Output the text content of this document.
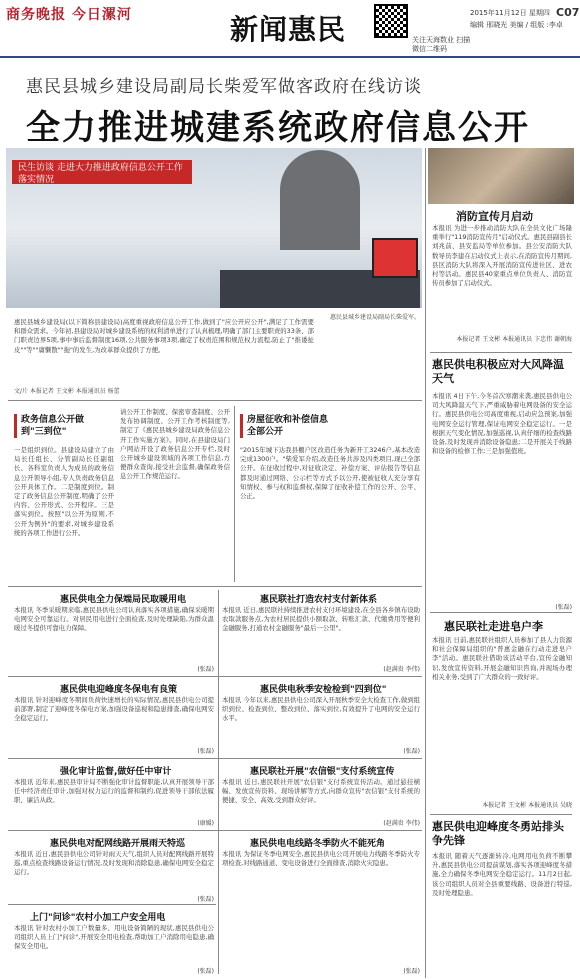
商务晚报 今日漯河	新闻惠民	关注天海数业 扫描微信二维码
2015年11月12日 星期四 C07
编辑 邢晓光 美编 / 组版 :李卓
惠民县城乡建设局副局长柴爱军做客政府在线访谈
全力推进城建系统政府信息公开
民生访谈 走进大力推进政府信息公开工作落实情况
惠民县城乡建设局副局长柴爱军。
惠民县城乡建设局(以下简称县建设局)高度重视政府信息公开工作,做到了"应公开应公开",满足了工作需要和群众需求。今年初,县建设局对城乡建设系统的权利清单进行了认真梳理,明确了部门主要职责的33条、部门职责边界5项,事中事后监督制度16项,公共服务事项3项,确定了权责范围和规范权力流程,防止了"推诿扯皮""等""庸懒散""拖"的发生,为改革群众提供了方便。
文/片 本报记者 王文彬 本报通讯员 杨蕾
消防宣传月启动
本报讯 为进一步推动消防大队在全员文化广场隆重举行"119消防宣传月"启动仪式。惠民县副县长刘兆前、县安监局等单位参加。县公安消防大队数导员李建在启动仪式上表示,在消防宣传月期间,县区消防大队将深入开展消防宣传进社区、进农村等活动。惠民县40家重点单位负责人、消防宣传员参加了启动仪式。
本报记者 王文彬 本报通讯员 卞忠伟 谢朝海
惠民供电积极应对大风降温天气
本报讯 4日下午,今冬首次寒潮来袭,惠民县供电公司大风降温天气下,严重威胁着电网设备的安全运行。惠民县供电公司高度重视,启动应急预案,加强电网安全运行管理,保证电网安全稳定运行。一是根据天气变化情况,加强巡视,认真仔细的检查线路设备,及时发现并消除设备隐患;二是开展关于线路和设备的检修工作;三是加强值班。
(张磊)
惠民联社走进皂户李
本报讯 日前,惠民联社组织人员参加了县人力资源和社会保障局组织的"普惠金融在行动走进皂户李"活动。惠民联社借助该活动平台,宣传金融知识,发放宣传资料,开展金融知识咨询,并现场办理相关业务,受到了广大群众的一致好评。
本报记者 王文彬 本报通讯员 吴晓
惠民供电迎峰度冬勇站排头争先锋
本报讯 随着天气逐渐转冷,电网用电负荷不断攀升,惠民县供电公司提前谋划,落实各项迎峰度冬措施,全力确保冬季电网安全稳定运行。11月2日起,该公司组织人员对全县重要线路、设备进行特巡,及时处理隐患。
政务信息公开做到"三到位"
一是组织到位。县建设局建立了由局长任组长、分管副局长任副组长、各科室负责人为成员的政务信息公开领导小组,专人负责政务信息公开具体工作。二是制度到位。制定了政务信息公开制度,明确了公开内容、公开形式、公开程序。三是落实到位。按照"以公开为原则,不公开为例外"的要求,对城乡建设系统的各项工作进行公开。
请公开工作制度、保密审查制度、公开发布协调制度、公开工作考核制度等,制定了《惠民县城乡建设局政务信息公开工作实施方案》。同时,在县建设局门户网站开设了政务信息公开专栏,及时公开城乡建设领域的各项工作信息,方便群众查询,接受社会监督,确保政务信息公开工作规范运行。
房屋征收和补偿信息全部公开
"2015年城下达我县棚户区改造任务为新开工3246户,基本改造完成1300户。"柴爱军介绍,改造任务共涉及四类项目,现已全部公开。在征收过程中,对征收决定、补偿方案、评估报告等信息都及时通过网络、公示栏等方式予以公开,使被征收人充分享有知情权、参与权和监督权,保障了征收补偿工作的公开、公平、公正。
惠民供电全力保端局民取暖用电
本报讯 冬季采暖期来临,惠民县供电公司认真落实各项措施,确保采暖期电网安全可靠运行。对居民用电进行全面检查,及时处理缺陷,为群众温暖过冬提供可靠电力保障。
(张磊)
惠民联社打造农村支付新体系
本报讯 近日,惠民联社持续推进农村支付环境建设,在全县各乡镇布设助农取款服务点,为农村居民提供小额取款、转账汇款、代缴费用等便利金融服务,打通农村金融服务"最后一公里"。
(赵满贵 李伟)
惠民供电迎峰度冬保电有良策
本报讯 针对迎峰度冬期间负荷快速增长的实际情况,惠民县供电公司提前部署,制定了迎峰度冬保电方案,加强设备巡视和隐患排查,确保电网安全稳定运行。
(张磊)
惠民供电秋季安检检到"四到位"
本报讯 今年以来,惠民县供电公司深入开展秋季安全大检查工作,做到组织到位、检查到位、整改到位、落实到位,有效提升了电网的安全运行水平。
(张磊)
强化审计监督,做好任中审计
本报讯 近年来,惠民县审计局不断强化审计监督职能,认真开展领导干部任中经济责任审计,加强对权力运行的监督和制约,促进领导干部依法履职、廉洁从政。
(康媛)
惠民联社开展"农信银"支付系统宣传
本报讯 近日,惠民联社开展"农信银"支付系统宣传活动。通过悬挂横幅、发放宣传资料、现场讲解等方式,向群众宣传"农信银"支付系统的便捷、安全、高效,受到群众好评。
(赵满贵 李伟)
惠民供电对配网线路开展雨天特巡
本报讯 近日,惠民县供电公司针对雨天天气,组织人员对配网线路开展特巡,重点检查线路设备运行情况,及时发现和消除隐患,确保电网安全稳定运行。
(张磊)
惠民供电电线路冬季防火不能死角
本报讯 为保证冬季电网安全,惠民县供电公司开展电力线路冬季防火专项检查,对线路通道、变电设备进行全面排查,消除火灾隐患。
(张磊)
上门"问诊"农村小加工户安全用电
本报讯 针对农村小加工户数量多、用电设备简陋的现状,惠民县供电公司组织人员上门"问诊",开展安全用电检查,帮助加工户消除用电隐患,确保安全用电。
(张磊)
